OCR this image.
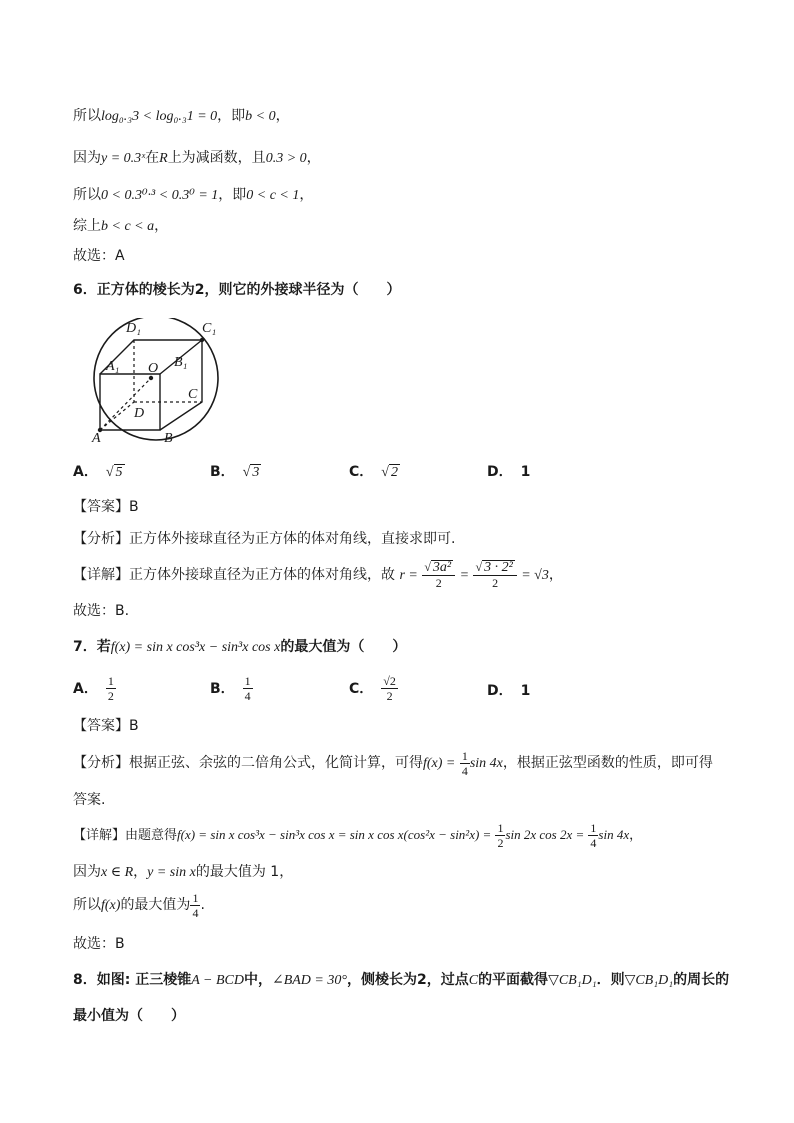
所以log₀.₃3 < log₀.₃1 = 0，即b < 0，
因为y = 0.3ˣ在R上为减函数，且0.3 > 0，
所以0 < 0.3⁰·³ < 0.3⁰ = 1，即0 < c < 1，
综上b < c < a，
故选：A
6．正方体的棱长为2，则它的外接球半径为（　　）
D₁	C₁
A₁	B₁
O
C
D
A	B
A． √ 5	B． √ 3	C． √ 2	D． 1
【答案】B
【分析】正方体外接球直径为正方体的体对角线，直接求即可.
【详解】正方体外接球直径为正方体的体对角线，故 $r = \frac{\text{√ 3a²}}{2} = \frac{\text{√ 3 · 2²}}{2} = √3$，
故选：B.
7．若f(x) = sin x cos³x − sin³x cos x的最大值为（　　）
A． $\frac{1}{2}$	B． $\frac{1}{4}$	C． $\frac{√2}{2}$	D． 1
【答案】B
【分析】根据正弦、余弦的二倍角公式，化简计算，可得$f(x) = \frac{1}{4}$ sin 4x，根据正弦型函数的性质，即可得
答案.
【详解】由题意得f(x) = sin x cos³x − sin³x cos x = sin x $\cos x(\cos^2x - \sin^2x) = \frac{1}{2}$ sin 2x $\cos 2x = \frac{1}{4}$ sin 4x，
因为x ∈ R，y = sin x的最大值为 1，
所以f(x)的最大值为 $\frac{1}{4}$ .
故选：B
8．如图: 正三棱锥A − BCD中，∠BAD = 30°，侧棱长为2，过点C的平面截得▽CB₁D₁．则▽CB₁D₁的周长的
最小值为（　　）
